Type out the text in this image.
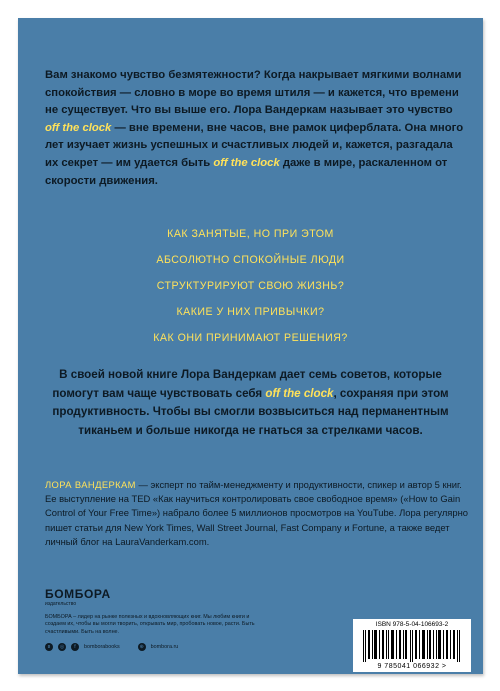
Вам знакомо чувство безмятежности? Когда накрывает мягкими волнами спокойствия — словно в море во время штиля — и кажется, что времени не существует. Что вы выше его. Лора Вандеркам называет это чувство off the clock — вне времени, вне часов, вне рамок циферблата. Она много лет изучает жизнь успешных и счастливых людей и, кажется, разгадала их секрет — им удается быть off the clock даже в мире, раскаленном от скорости движения.

КАК ЗАНЯТЫЕ, НО ПРИ ЭТОМ
АБСОЛЮТНО СПОКОЙНЫЕ ЛЮДИ
СТРУКТУРИРУЮТ СВОЮ ЖИЗНЬ?
КАКИЕ У НИХ ПРИВЫЧКИ?
КАК ОНИ ПРИНИМАЮТ РЕШЕНИЯ?

В своей новой книге Лора Вандеркам дает семь советов, которые помогут вам чаще чувствовать себя off the clock, сохраняя при этом продуктивность. Чтобы вы смогли возвыситься над перманентным тиканьем и больше никогда не гнаться за стрелками часов.

ЛОРА ВАНДЕРКАМ — эксперт по тайм-менеджменту и продуктивности, спикер и автор 5 книг. Ее выступление на TED «Как научиться контролировать свое свободное время» («How to Gain Control of Your Free Time») набрало более 5 миллионов просмотров на YouTube. Лора регулярно пишет статьи для New York Times, Wall Street Journal, Fast Company и Fortune, а также ведет личный блог на LauraVanderkam.com.

БОМБОРА
издательство
БОМБОРА – лидер на рынке полезных и вдохновляющих книг. Мы любим книги и создаем их, чтобы вы могли творить, открывать мир, пробовать новое, расти. Быть счастливыми. Быть на волне.
в	◎	f	bomborabooks	⊕	bombora.ru
ISBN 978-5-04-106693-2
9 785041 066932 >
